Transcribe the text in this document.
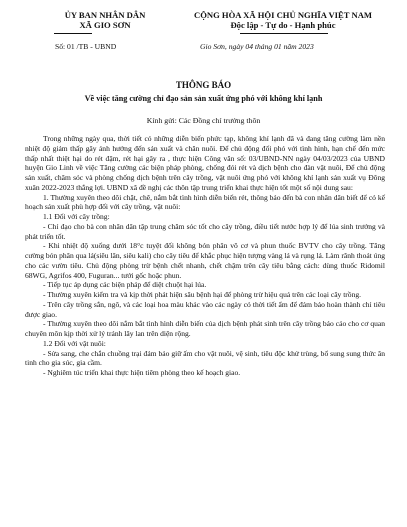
ỦY BAN NHÂN DÂN
XÃ GIO SƠN
CỘNG HÒA XÃ HỘI CHỦ NGHĨA VIỆT NAM
Độc lập - Tự do - Hạnh phúc
Số: 01 /TB - UBND	Gio Sơn, ngày 04 tháng 01 năm 2023
THÔNG BÁO
Về việc tăng cường chỉ đạo sản sản xuất ứng phó với không khí lạnh
Kính gửi: Các Đồng chí trưởng thôn

Trong những ngày qua, thời tiết có những diễn biến phức tạp, không khí lạnh đã và đang tăng cường làm nền nhiệt độ giảm thấp gây ảnh hưởng đến sản xuất và chăn nuôi. Để chủ động đối phó với tình hình, hạn chế đến mức thấp nhất thiệt hại do rét đậm, rét hại gây ra , thực hiện Công văn số: 03/UBND-NN ngày 04/03/2023 của UBND huyện Gio Linh về việc Tăng cường các biện pháp phòng, chống đói rét và dịch bệnh cho đàn vật nuôi, Để chủ động sản xuất, chăm sóc và phòng chống dịch bệnh trên cây trồng, vật nuôi ứng phó với không khí lạnh sản xuất vụ Đông xuân 2022-2023 thắng lợi. UBND xã đề nghị các thôn tập trung triển khai thực hiện tốt một số nội dung sau:

1. Thường xuyên theo dõi chặt, chẽ, nắm bắt tình hình diễn biến rét, thông báo đến bà con nhân dân biết để có kế hoạch sản xuất phù hợp đối với cây trồng, vật nuôi:

1.1 Đối với cây trồng:

- Chỉ đạo cho bà con nhân dân tập trung chăm sóc tốt cho cây trồng, điều tiết nước hợp lý để lúa sinh trưởng và phát triển tốt.

- Khi nhiệt độ xuống dưới 18°c tuyệt đối không bón phân vô cơ và phun thuốc BVTV cho cây trồng. Tăng cường bón phân qua lá(siêu lân, siêu kali) cho cây tiêu để khắc phục hiện tượng vàng lá và rụng lá. Làm rãnh thoát úng cho các vườn tiêu. Chủ động phòng trừ bệnh chết nhanh, chết chậm trên cây tiêu bằng cách: dùng thuốc Ridomil 68WG, Agrifos 400, Fuguran... tưới gốc hoặc phun.

- Tiếp tục áp dụng các biện pháp để diệt chuột hại lúa.

- Thường xuyên kiểm tra và kịp thời phát hiện sâu bệnh hại để phòng trừ hiệu quả trên các loại cây trồng.

- Trên cây trồng sắn, ngô, và các loại hoa màu khác vào các ngày có thời tiết ẩm để đảm bảo hoàn thành chỉ tiêu được giao.

- Thường xuyên theo dõi nắm bắt tình hình diễn biến của dịch bệnh phát sinh trên cây trồng báo cáo cho cơ quan chuyên môn kịp thời xử lý tránh lây lan trên diện rộng.

1.2 Đối với vật nuôi:

- Sửa sang, che chắn chuồng trại đảm bảo giữ ấm cho vật nuôi, vệ sinh, tiêu độc khử trùng, bổ sung sung thức ăn tinh cho gia súc, gia cầm.

- Nghiêm túc triển khai thực hiện tiêm phòng theo kế hoạch giao.
